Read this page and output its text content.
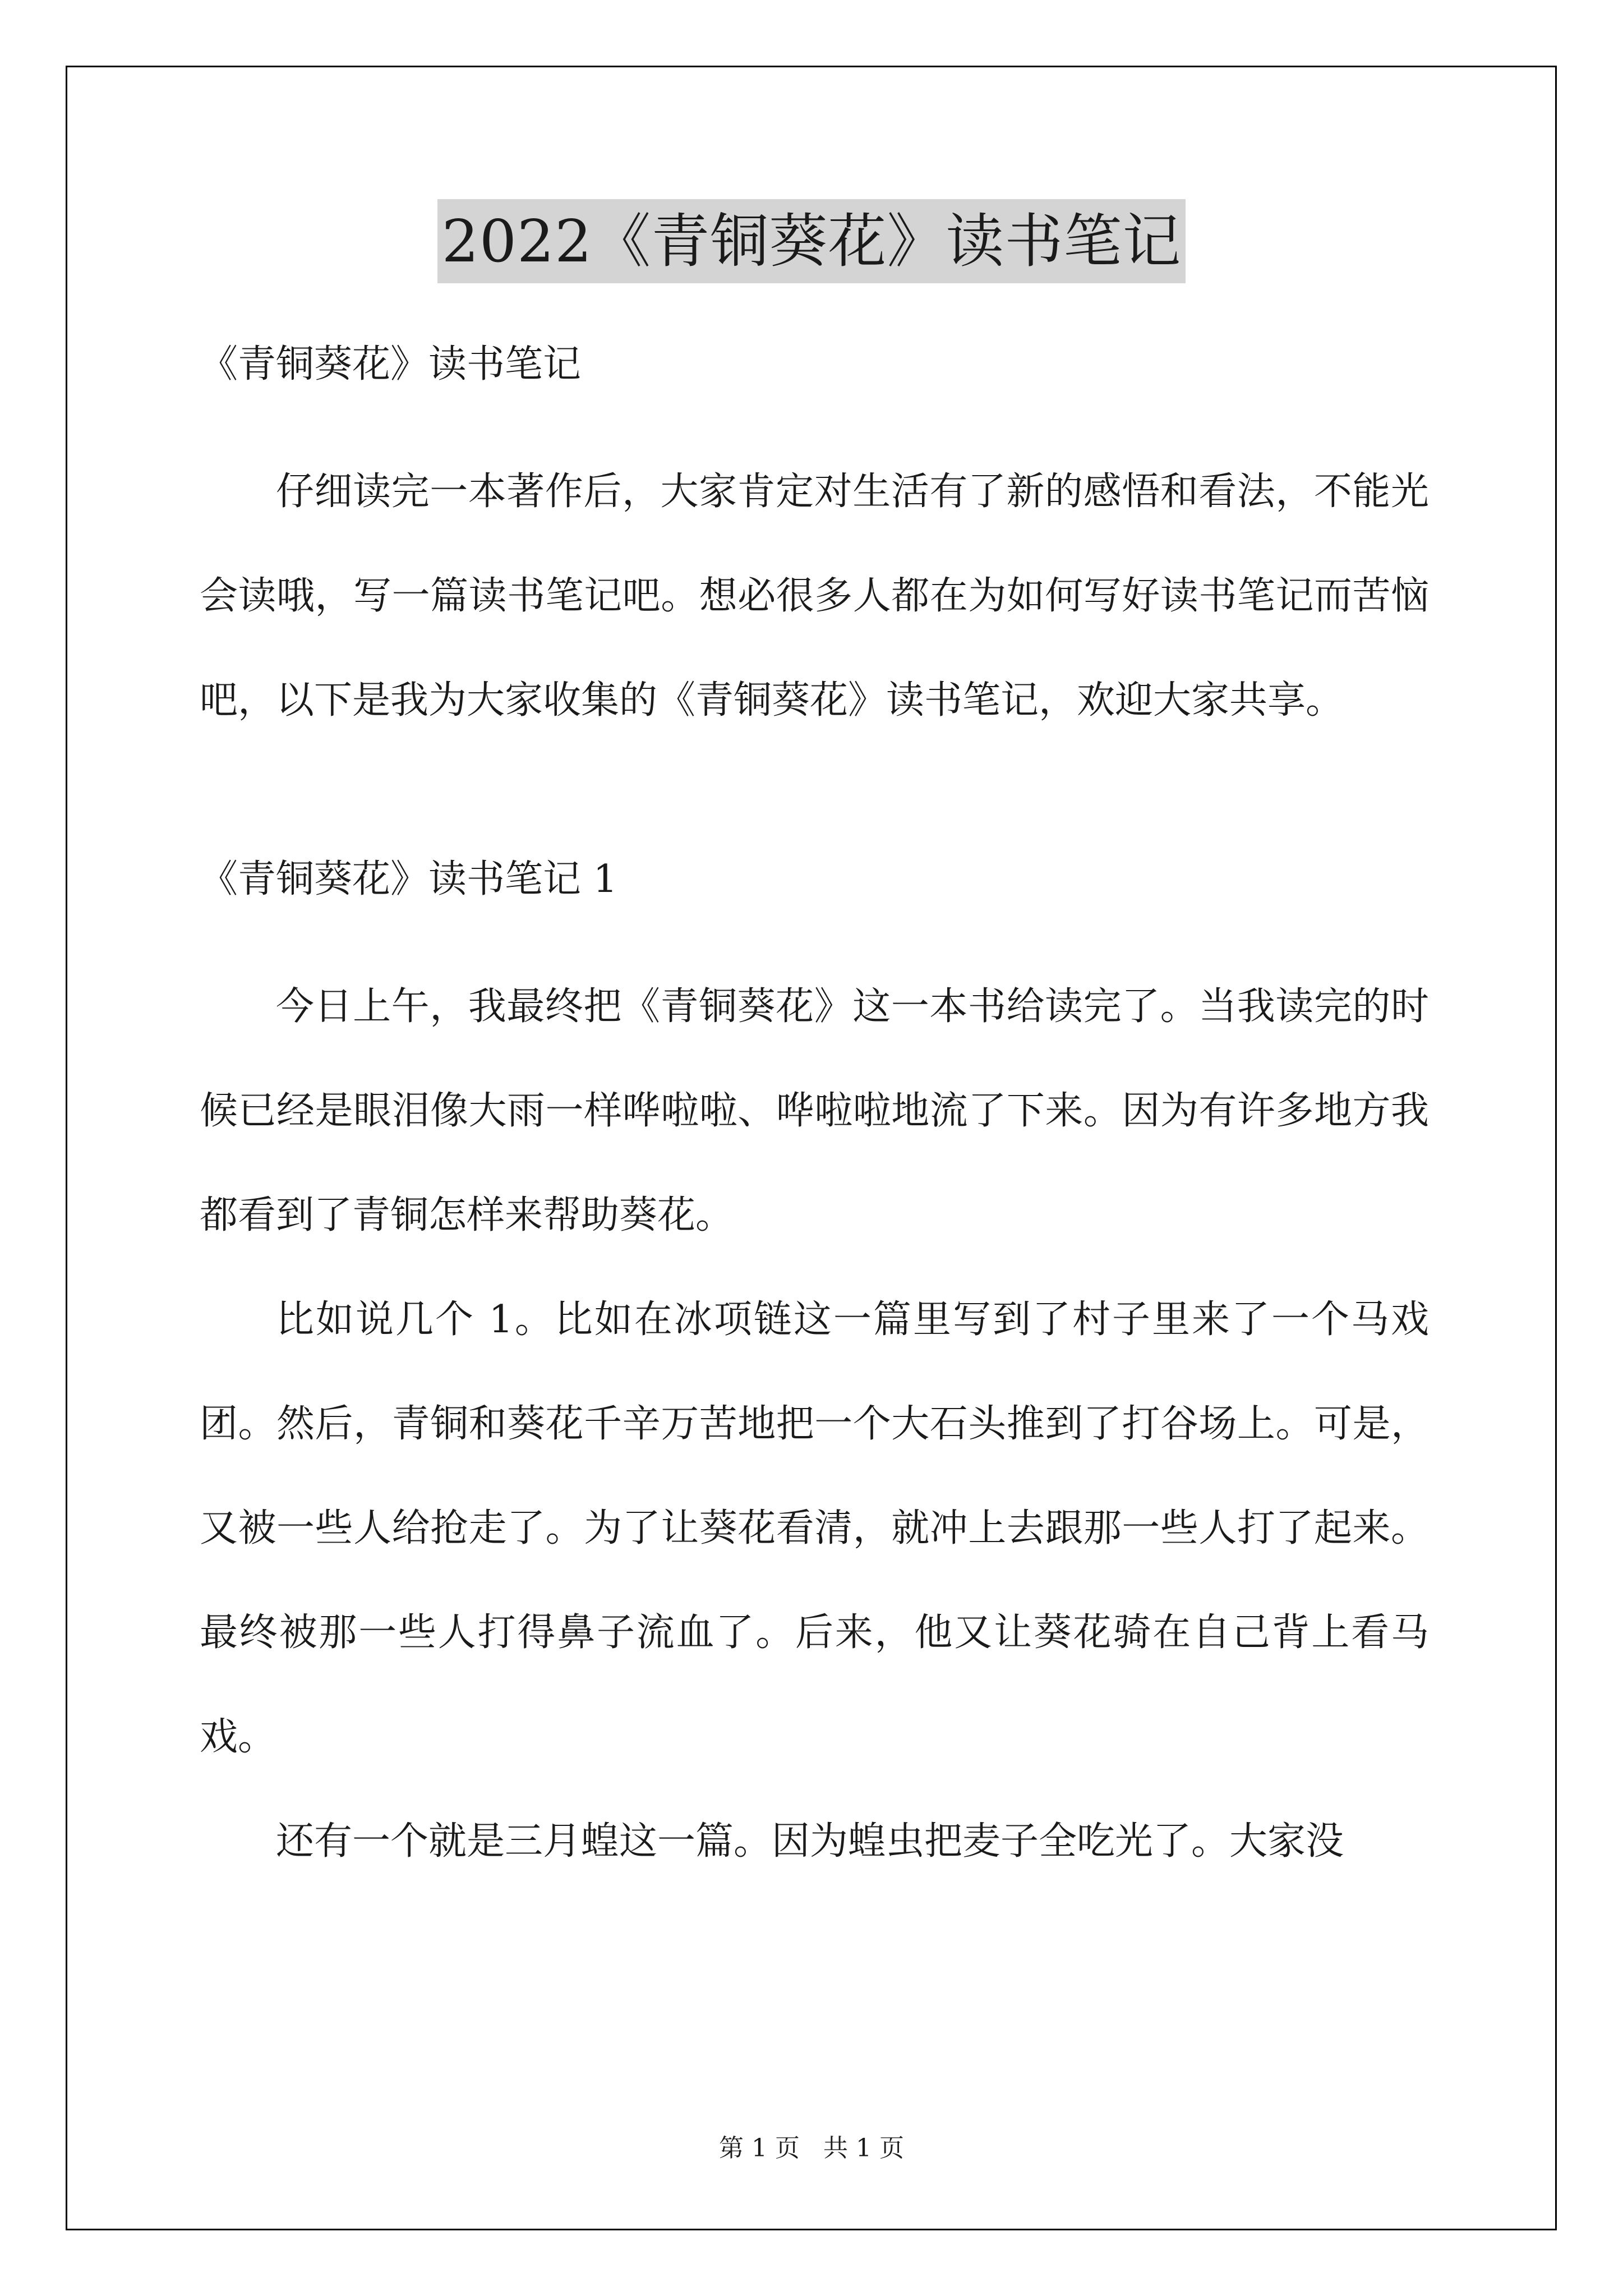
2022《青铜葵花》读书笔记

《青铜葵花》读书笔记

仔细读完一本著作后，大家肯定对生活有了新的感悟和看法，不能光会读哦，写一篇读书笔记吧。想必很多人都在为如何写好读书笔记而苦恼吧，以下是我为大家收集的《青铜葵花》读书笔记，欢迎大家共享。

《青铜葵花》读书笔记 1

今日上午，我最终把《青铜葵花》这一本书给读完了。当我读完的时候已经是眼泪像大雨一样哗啦啦、哗啦啦地流了下来。因为有许多地方我都看到了青铜怎样来帮助葵花。

比如说几个 1。比如在冰项链这一篇里写到了村子里来了一个马戏团。然后，青铜和葵花千辛万苦地把一个大石头推到了打谷场上。可是，又被一些人给抢走了。为了让葵花看清，就冲上去跟那一些人打了起来。最终被那一些人打得鼻子流血了。后来，他又让葵花骑在自己背上看马戏。

还有一个就是三月蝗这一篇。因为蝗虫把麦子全吃光了。大家没

第 1 页 共 1 页
